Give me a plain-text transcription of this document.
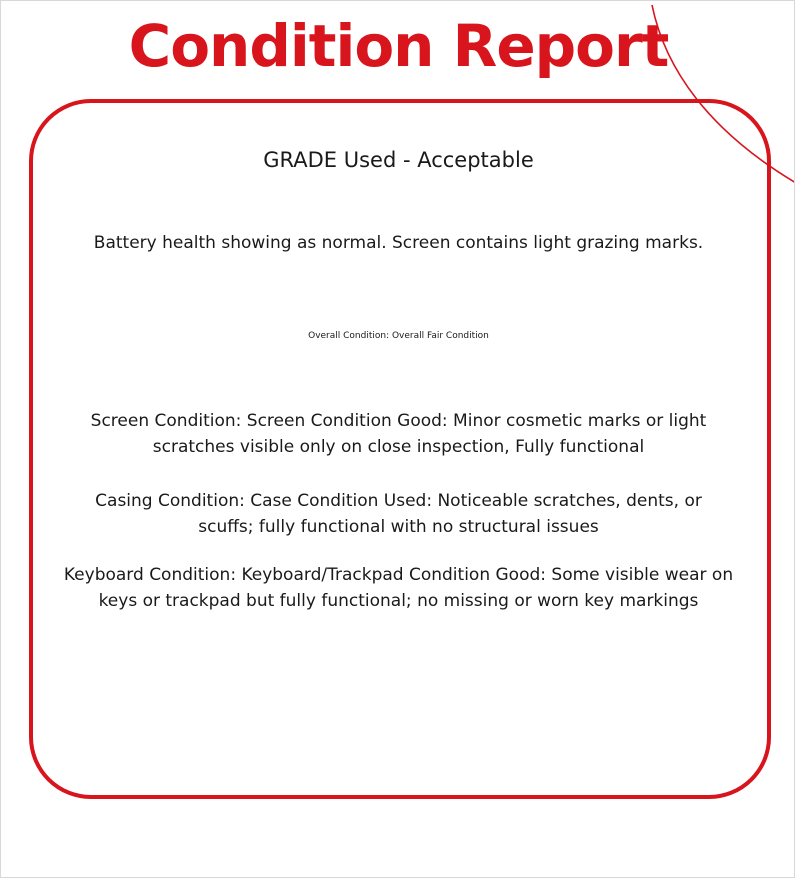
Condition Report

GRADE Used - Acceptable

Battery health showing as normal. Screen contains light grazing marks.

Overall Condition: Overall Fair Condition

Screen Condition: Screen Condition Good: Minor cosmetic marks or light scratches visible only on close inspection, Fully functional

Casing Condition: Case Condition Used: Noticeable scratches, dents, or scuffs; fully functional with no structural issues

Keyboard Condition: Keyboard/Trackpad Condition Good: Some visible wear on keys or trackpad but fully functional; no missing or worn key markings
